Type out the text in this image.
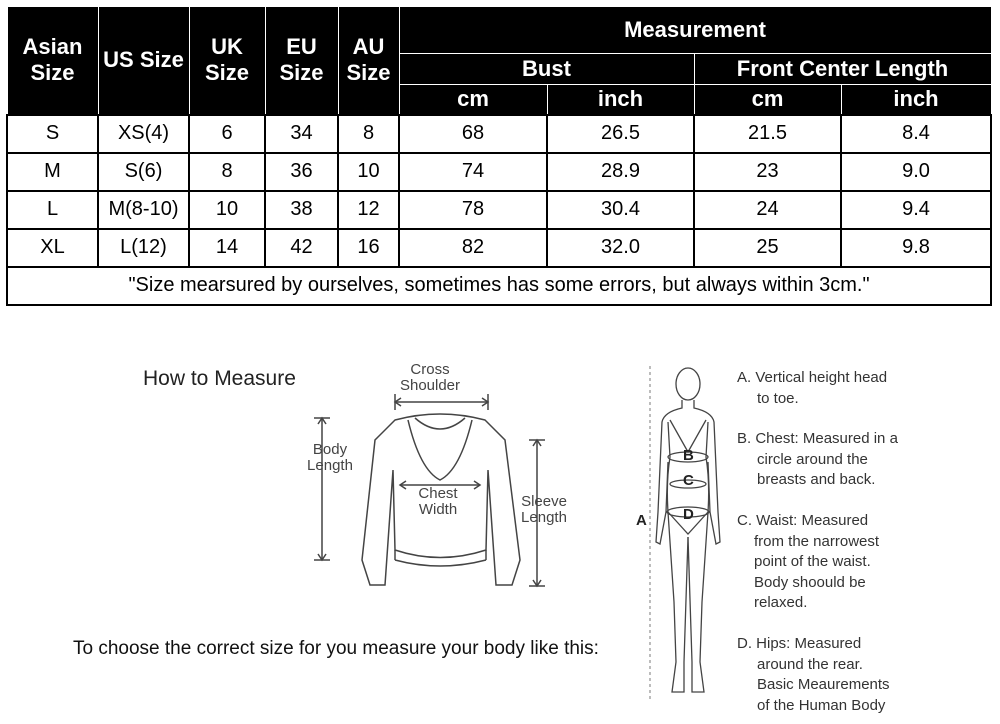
Asian Size	US Size	UK Size	EU Size	AU Size	Measurement			
					Bust		Front Center Length	
					cm	inch	cm	inch
S	XS(4)	6	34	8	68	26.5	21.5	8.4
M	S(6)	8	36	10	74	28.9	23	9.0
L	M(8-10)	10	38	12	78	30.4	24	9.4
XL	L(12)	14	42	16	82	32.0	25	9.8
"Size mearsured by ourselves, sometimes has some errors, but always within 3cm."								
How to Measure	Cross
Shoulder
Body
Length
Chest
Width	Sleeve
Length
To choose the correct size for you measure your body like this:
A
B
C
D
A. Vertical height head
to toe.
B. Chest: Measured in a
circle around the
breasts and back.
C. Waist: Measured
from the narrowest
point of the waist.
Body shoould be
relaxed.
D. Hips: Measured
around the rear.
Basic Meaurements
of the Human Body
